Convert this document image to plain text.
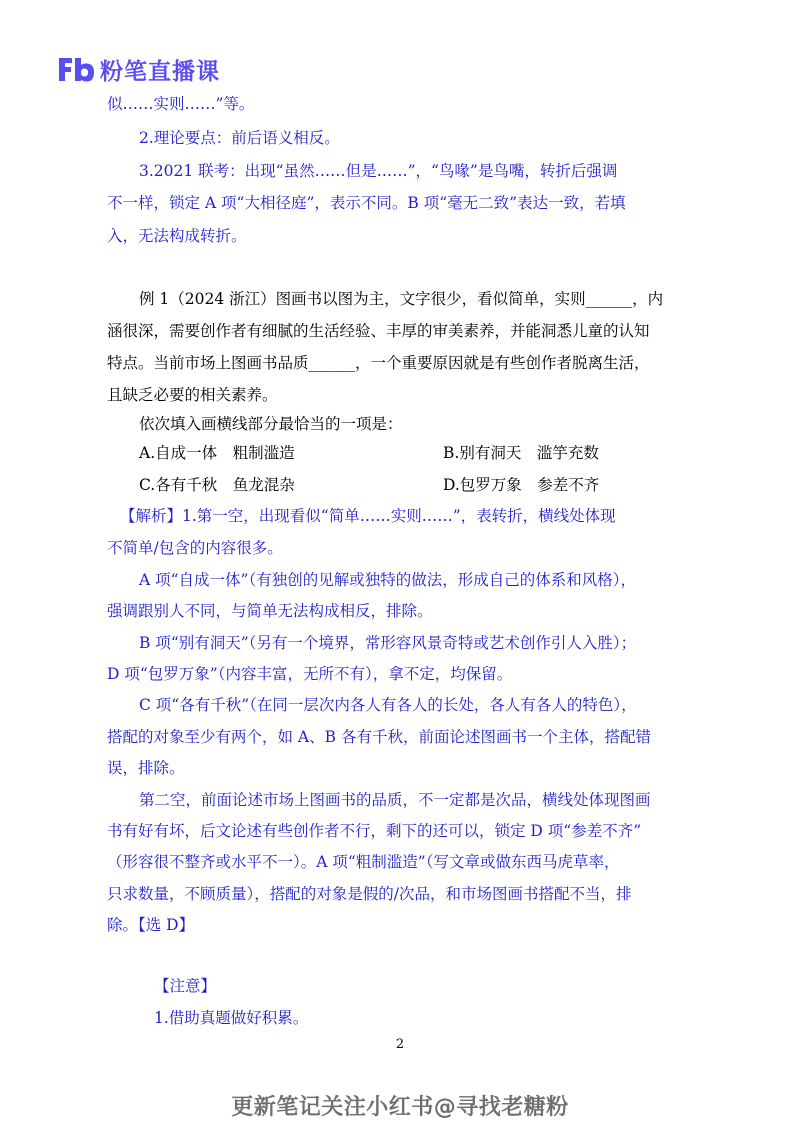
粉笔直播课
似……实则……”等。
2.理论要点：前后语义相反。
3.2021 联考：出现“虽然……但是……”，“鸟喙”是鸟嘴，转折后强调
不一样，锁定 A 项“大相径庭”，表示不同。B 项“毫无二致”表达一致，若填
入，无法构成转折。
例 1（2024 浙江）图画书以图为主，文字很少，看似简单，实则______，内
涵很深，需要创作者有细腻的生活经验、丰厚的审美素养，并能洞悉儿童的认知
特点。当前市场上图画书品质______，一个重要原因就是有些创作者脱离生活，
且缺乏必要的相关素养。
依次填入画横线部分最恰当的一项是：
A.自成一体　粗制滥造	B.别有洞天　滥竽充数
C.各有千秋　鱼龙混杂	D.包罗万象　参差不齐
【解析】1.第一空，出现看似“简单……实则……”，表转折，横线处体现
不简单/包含的内容很多。
A 项“自成一体”（有独创的见解或独特的做法，形成自己的体系和风格），
强调跟别人不同，与简单无法构成相反，排除。
B 项“别有洞天”（另有一个境界，常形容风景奇特或艺术创作引人入胜）；
D 项“包罗万象”（内容丰富，无所不有），拿不定，均保留。
C 项“各有千秋”（在同一层次内各人有各人的长处，各人有各人的特色），
搭配的对象至少有两个，如 A、B 各有千秋，前面论述图画书一个主体，搭配错
误，排除。
第二空，前面论述市场上图画书的品质，不一定都是次品，横线处体现图画
书有好有坏，后文论述有些创作者不行，剩下的还可以，锁定 D 项“参差不齐”
（形容很不整齐或水平不一）。A 项“粗制滥造”（写文章或做东西马虎草率，
只求数量，不顾质量），搭配的对象是假的/次品，和市场图画书搭配不当，排
除。【选 D】
【注意】
1.借助真题做好积累。
2
更新笔记关注小红书@寻找老糖粉
